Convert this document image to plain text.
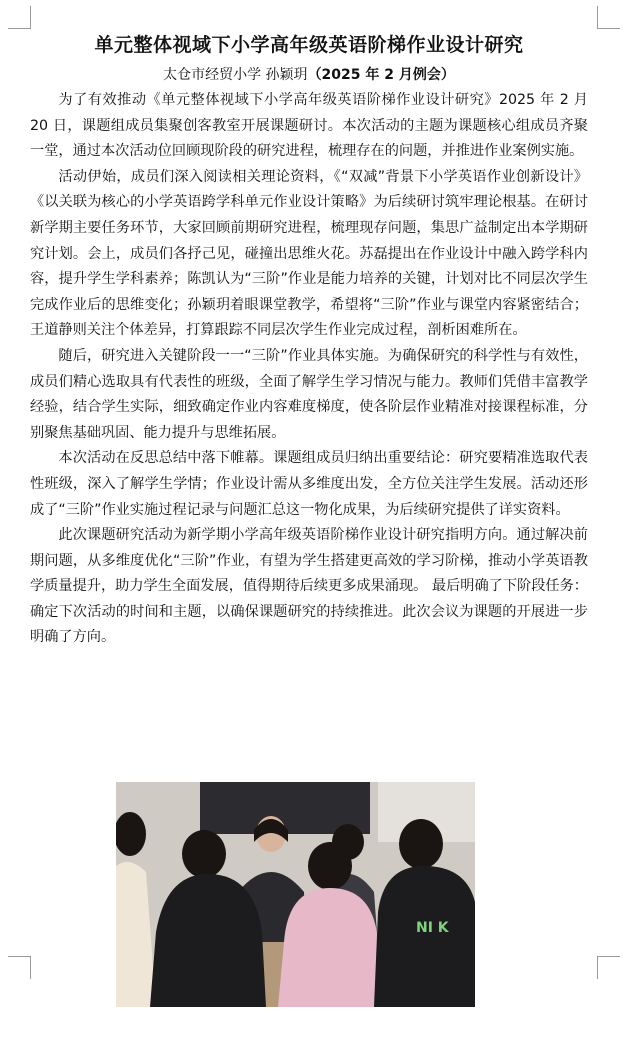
单元整体视域下小学高年级英语阶梯作业设计研究

太仓市经贸小学 孙颖玥（2025 年 2 月例会）

为了有效推动《单元整体视域下小学高年级英语阶梯作业设计研究》2025 年 2 月 20 日，课题组成员集聚创客教室开展课题研讨。本次活动的主题为课题核心组成员齐聚一堂，通过本次活动位回顾现阶段的研究进程，梳理存在的问题，并推进作业案例实施。

活动伊始，成员们深入阅读相关理论资料，《“双减”背景下小学英语作业创新设计》《以关联为核心的小学英语跨学科单元作业设计策略》为后续研讨筑牢理论根基。在研讨新学期主要任务环节，大家回顾前期研究进程，梳理现存问题，集思广益制定出本学期研究计划。会上，成员们各抒己见，碰撞出思维火花。苏磊提出在作业设计中融入跨学科内容，提升学生学科素养；陈凯认为“三阶”作业是能力培养的关键，计划对比不同层次学生完成作业后的思维变化；孙颖玥着眼课堂教学，希望将“三阶”作业与课堂内容紧密结合；王道静则关注个体差异，打算跟踪不同层次学生作业完成过程，剖析困难所在。

随后，研究进入关键阶段一一“三阶”作业具体实施。为确保研究的科学性与有效性，成员们精心选取具有代表性的班级，全面了解学生学习情况与能力。教师们凭借丰富教学经验，结合学生实际，细致确定作业内容难度梯度，使各阶层作业精准对接课程标准，分别聚焦基础巩固、能力提升与思维拓展。

本次活动在反思总结中落下帷幕。课题组成员归纳出重要结论：研究要精准选取代表性班级，深入了解学生学情；作业设计需从多维度出发，全方位关注学生发展。活动还形成了“三阶”作业实施过程记录与问题汇总这一物化成果，为后续研究提供了详实资料。

此次课题研究活动为新学期小学高年级英语阶梯作业设计研究指明方向。通过解决前期问题，从多维度优化“三阶”作业，有望为学生搭建更高效的学习阶梯，推动小学英语教学质量提升，助力学生全面发展，值得期待后续更多成果涌现。 最后明确了下阶段任务：确定下次活动的时间和主题，以确保课题研究的持续推进。此次会议为课题的开展进一步明确了方向。

NI K
